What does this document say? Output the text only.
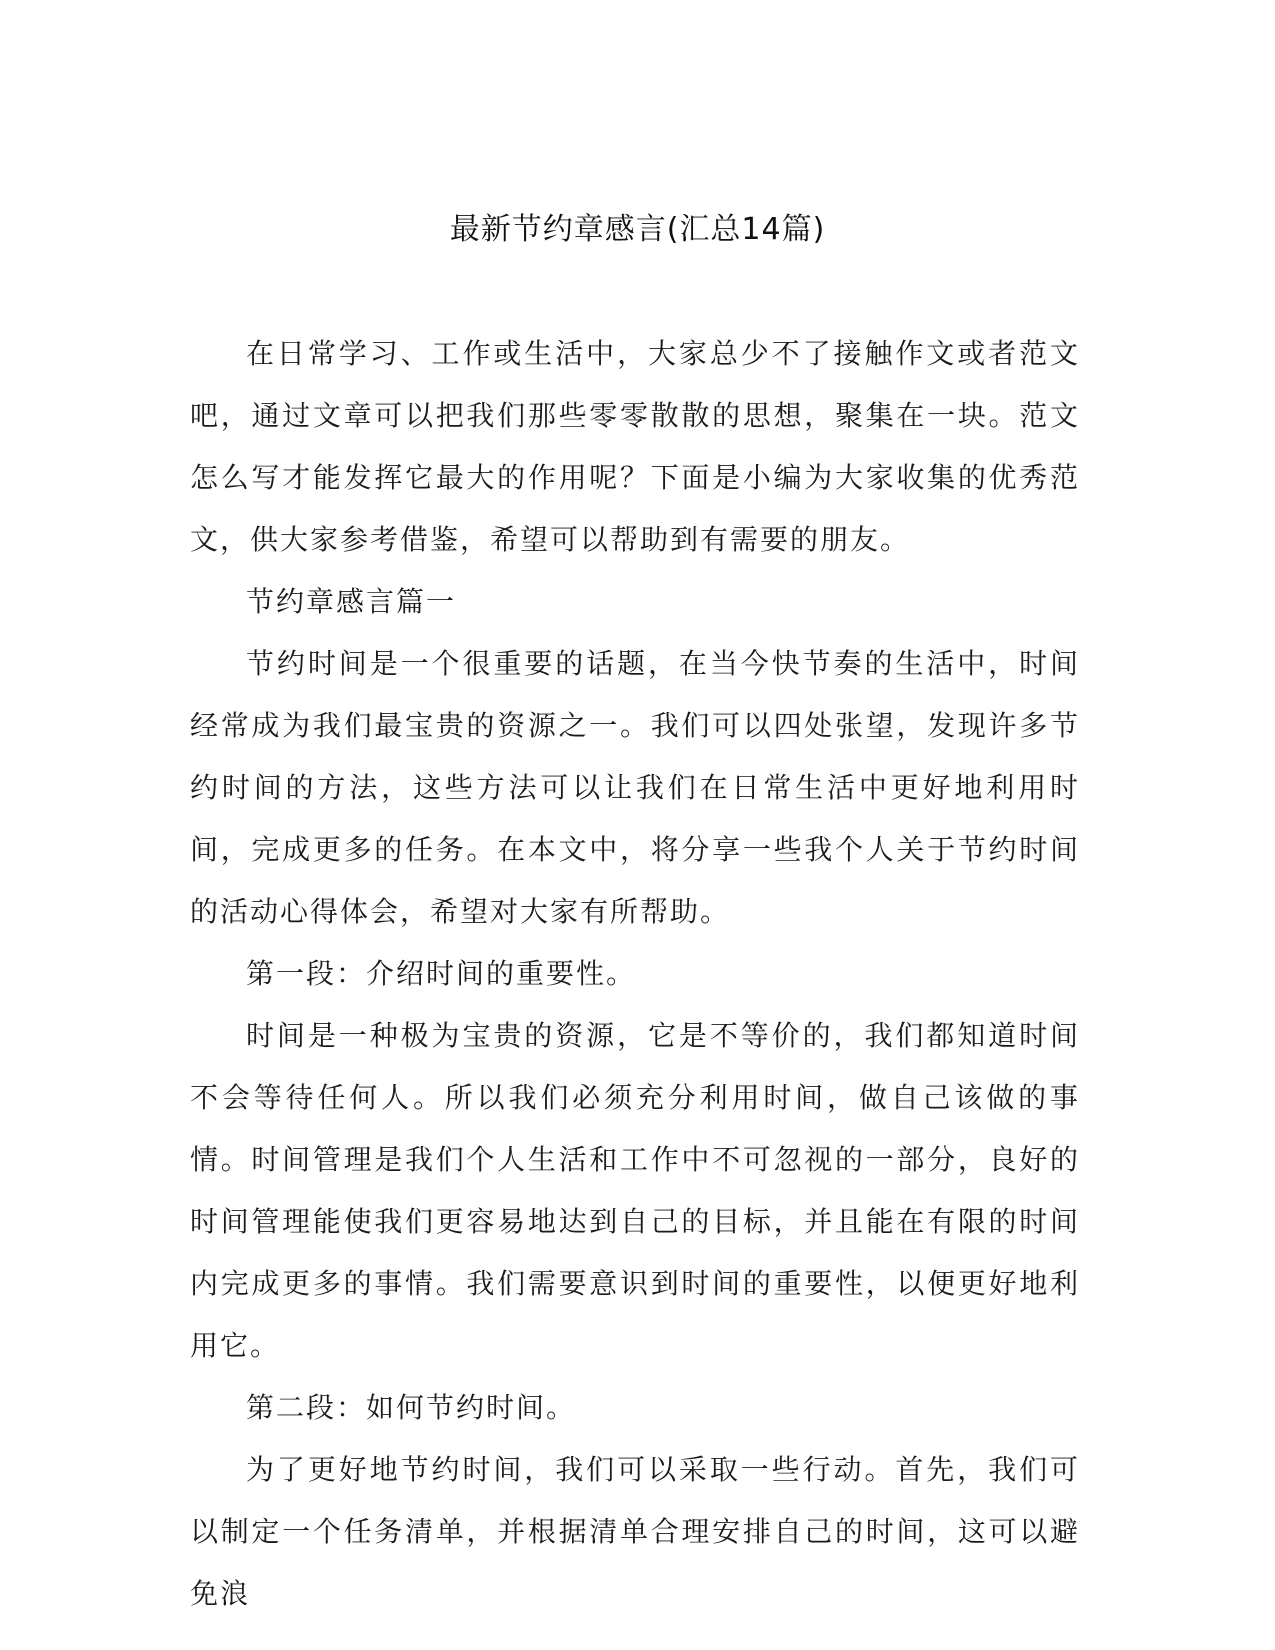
最新节约章感言(汇总14篇)

在日常学习、工作或生活中，大家总少不了接触作文或者范文吧，通过文章可以把我们那些零零散散的思想，聚集在一块。范文怎么写才能发挥它最大的作用呢？下面是小编为大家收集的优秀范文，供大家参考借鉴，希望可以帮助到有需要的朋友。

节约章感言篇一

节约时间是一个很重要的话题，在当今快节奏的生活中，时间经常成为我们最宝贵的资源之一。我们可以四处张望，发现许多节约时间的方法，这些方法可以让我们在日常生活中更好地利用时间，完成更多的任务。在本文中，将分享一些我个人关于节约时间的活动心得体会，希望对大家有所帮助。

第一段：介绍时间的重要性。

时间是一种极为宝贵的资源，它是不等价的，我们都知道时间不会等待任何人。所以我们必须充分利用时间，做自己该做的事情。时间管理是我们个人生活和工作中不可忽视的一部分，良好的时间管理能使我们更容易地达到自己的目标，并且能在有限的时间内完成更多的事情。我们需要意识到时间的重要性，以便更好地利用它。

第二段：如何节约时间。

为了更好地节约时间，我们可以采取一些行动。首先，我们可以制定一个任务清单，并根据清单合理安排自己的时间，这可以避免浪
